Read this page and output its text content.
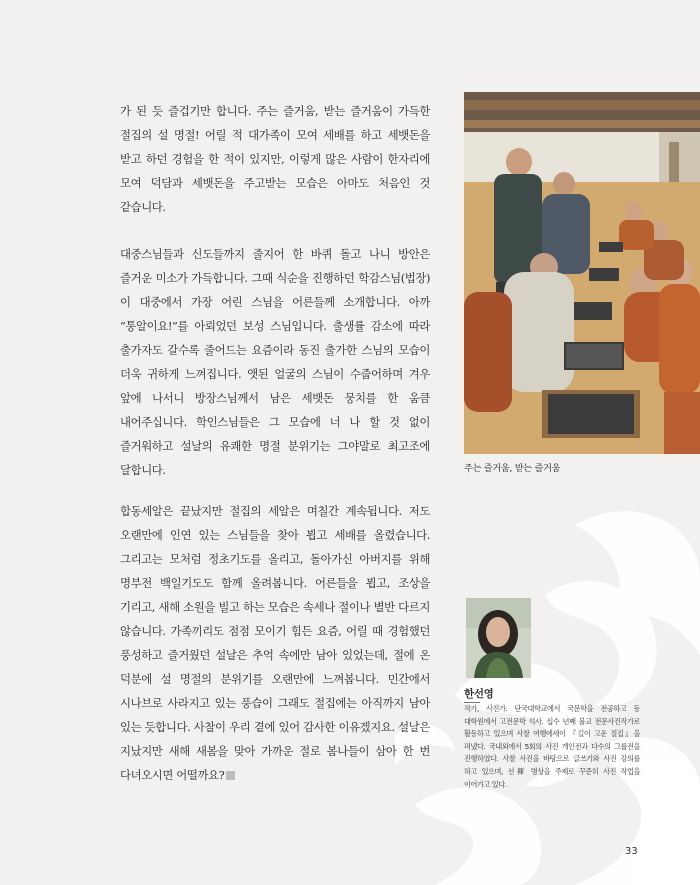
가 된 듯 즐겁기만 합니다. 주는 즐거움, 받는 즐거움이 가득한 절집의 설 명절! 어릴 적 대가족이 모여 세배를 하고 세뱃돈을 받고 하던 경험을 한 적이 있지만, 이렇게 많은 사람이 한자리에 모여 덕담과 세뱃돈을 주고받는 모습은 아마도 처음인 것 같습니다.

대중스님들과 신도들까지 줄지어 한 바퀴 돌고 나니 방안은 즐거운 미소가 가득합니다. 그때 식순을 진행하던 학감스님(법장)이 대중에서 가장 어린 스님을 어른들께 소개합니다. 아까 “통알이요!”를 아뢰었던 보성 스님입니다. 출생률 감소에 따라 출가자도 갈수록 줄어드는 요즘이라 동진 출가한 스님의 모습이 더욱 귀하게 느껴집니다. 앳된 얼굴의 스님이 수줍어하며 겨우 앞에 나서니 방장스님께서 남은 세뱃돈 뭉치를 한 움큼 내어주십니다. 학인스님들은 그 모습에 너 나 할 것 없이 즐거워하고 설날의 유쾌한 명절 분위기는 그야말로 최고조에 달합니다.

합동세알은 끝났지만 절집의 세알은 며칠간 계속됩니다. 저도 오랜만에 인연 있는 스님들을 찾아 뵙고 세배를 올렸습니다. 그리고는 모처럼 정초기도를 올리고, 돌아가신 아버지를 위해 명부전 백일기도도 함께 올려봅니다. 어른들을 뵙고, 조상을 기리고, 새해 소원을 빌고 하는 모습은 속세나 절이나 별반 다르지 않습니다. 가족끼리도 점점 모이기 힘든 요즘, 어릴 때 경험했던 풍성하고 즐거웠던 설날은 추억 속에만 남아 있었는데, 절에 온 덕분에 설 명절의 분위기를 오랜만에 느껴봅니다. 민간에서 시나브로 사라지고 있는 풍습이 그래도 절집에는 아직까지 남아 있는 듯합니다. 사찰이 우리 곁에 있어 감사한 이유겠지요. 설날은 지났지만 새해 새봄을 맞아 가까운 절로 봄나들이 삼아 한 번 다녀오시면 어떨까요?

주는 즐거움, 받는 즐거움
한선영
작가, 사진가. 단국대학교에서 국문학을 전공하고 동 대학원에서 고전문학 석사. 십수 년째 불교 전문사진작가로 활동하고 있으며 사찰 여행에세이 『길이 고운 절집』을 펴냈다. 국내외에서 5회의 사진 개인전과 다수의 그룹전을 진행하였다. 사찰 사진을 바탕으로 글쓰기와 사진 강의를 하고 있으며, 선禪 명상을 주제로 꾸준히 사진 작업을 이어가고 있다.
33
